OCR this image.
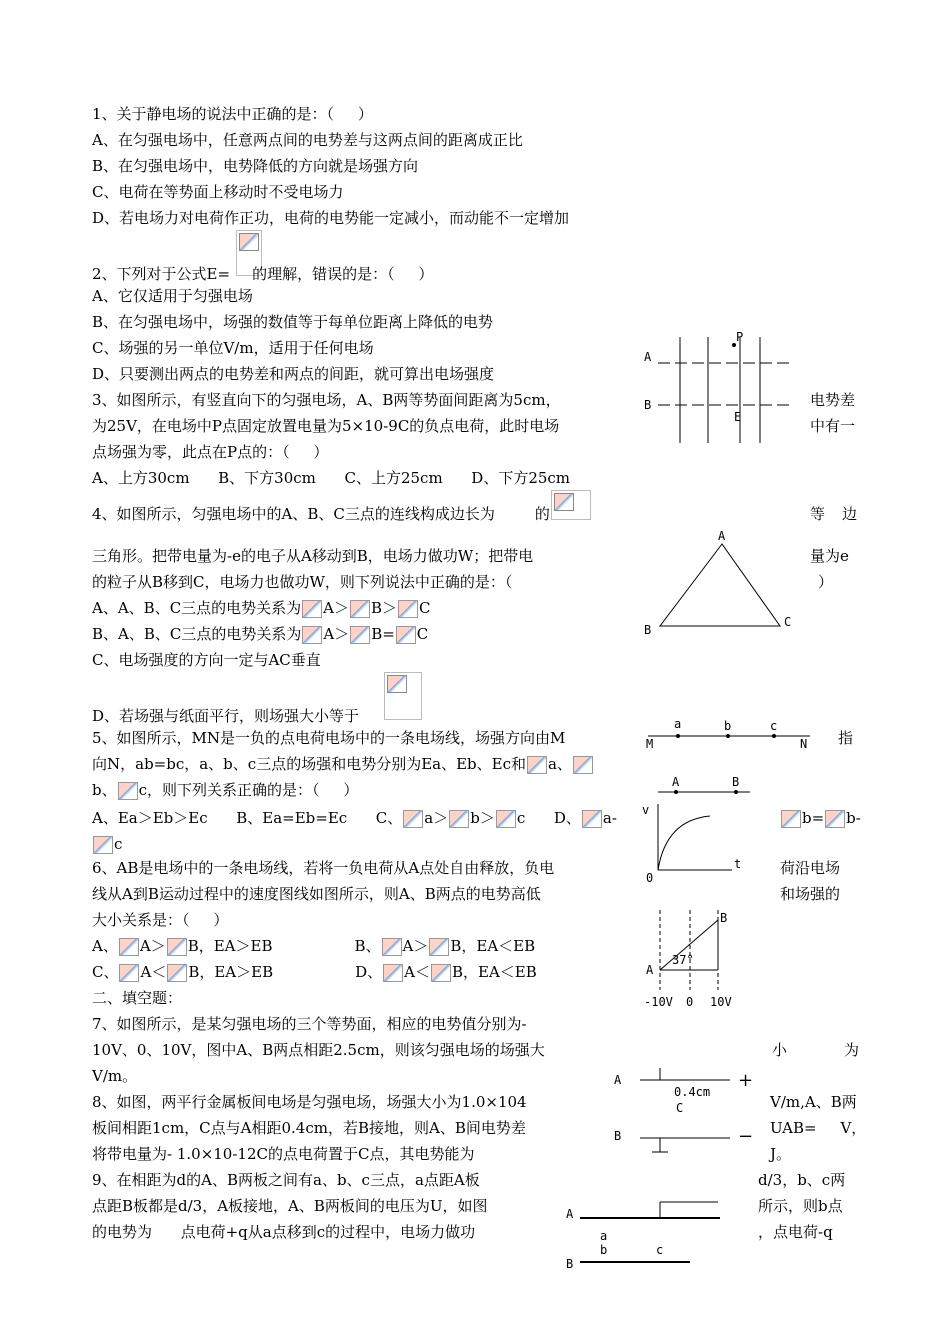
1、关于静电场的说法中正确的是：（     ）
A、在匀强电场中，任意两点间的电势差与这两点间的距离成正比
B、在匀强电场中，电势降低的方向就是场强方向
C、电荷在等势面上移动时不受电场力
D、若电场力对电荷作正功，电荷的电势能一定减小，而动能不一定增加
2、下列对于公式E= 的理解，错误的是：（     ）
A、它仅适用于匀强电场
B、在匀强电场中，场强的数值等于每单位距离上降低的电势
C、场强的另一单位V/m，适用于任何电场
D、只要测出两点的电势差和两点的间距，就可算出电场强度
3、如图所示，有竖直向下的匀强电场，A、B两等势面间距离为5cm，
为25V，在电场中P点固定放置电量为5×10-9C的负点电荷，此时电场
点场强为零，此点在P点的：（     ）
A、上方30cm      B、下方30cm      C、上方25cm      D、下方25cm
4、如图所示，匀强电场中的A、B、C三点的连线构成边长为	的
三角形。把带电量为-e的电子从A移动到B，电场力做功W；把带电
的粒子从B移到C，电场力也做功W，则下列说法中正确的是：（
A、A、B、C三点的电势关系为 A＞ B＞ C
B、A、B、C三点的电势关系为 A＞ B= C
C、电场强度的方向一定与AC垂直
D、若场强与纸面平行，则场强大小等于
5、如图所示，MN是一负的点电荷电场中的一条电场线，场强方向由M
向N，ab=bc，a、b、c三点的场强和电势分别为Ea、Eb、Ec和 a、
b、 c，则下列关系正确的是：（     ）
A、Ea＞Eb＞Ec      B、Ea=Eb=Ec      C、 a＞ b＞ c D、 a-
c
6、AB是电场中的一条电场线，若将一负电荷从A点处自由释放，负电
线从A到B运动过程中的速度图线如图所示，则A、B两点的电势高低
大小关系是：（     ）
A、 A＞ B，EA＞EB	B、 A＞ B，EA＜EB
C、 A＜ B，EA＞EB	D、 A＜ B，EA＜EB
二、填空题：
7、如图所示，是某匀强电场的三个等势面，相应的电势值分别为-
10V、0、10V，图中A、B两点相距2.5cm，则该匀强电场的场强大
V/m。
8、如图，两平行金属板间电场是匀强电场，场强大小为1.0×104
板间相距1cm，C点与A相距0.4cm，若B接地，则A、B间电势差
将带电量为- 1.0×10-12C的点电荷置于C点，其电势能为
9、在相距为d的A、B两板之间有a、b、c三点，a点距A板
点距B板都是d/3，A板接地，A、B两板间的电压为U，如图
的电势为      点电荷+q从a点移到c的过程中，电场力做功
电势差
中有一
等 边
量为e
）
指
b= b-
荷沿电场
和场强的
小	为
V/m,A、B两
UAB=     V，
J。
d/3，b、c两
所示，则b点
，点电荷-q
A
B
P
E
A
B
C
a	b	c
M	N
A	B
v
t
0
B
A
37°
-10V 0 10V
A
B
0.4cm
C
+
−
A
B
a
b	c
